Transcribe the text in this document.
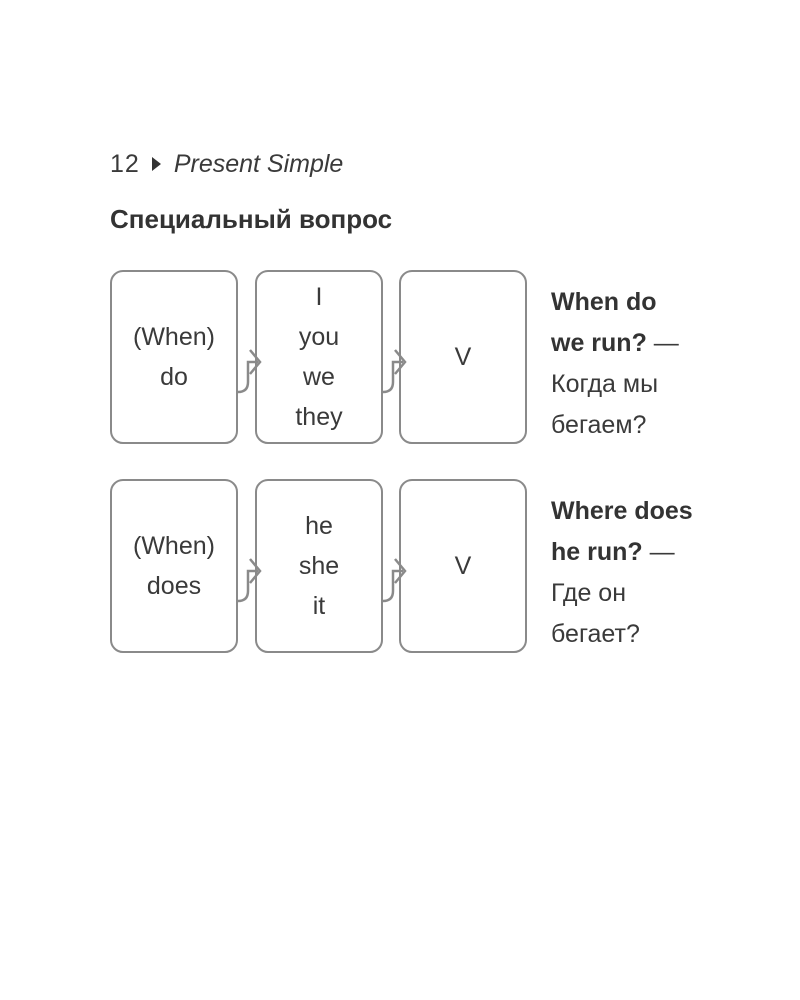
12 Present Simple
Специальный вопрос
(When)
do
I
you
we
they
V
When do
we run? —
Когда мы
бегаем?
(When)
does
he
she
it
V
Where does
he run? —
Где он
бегает?
